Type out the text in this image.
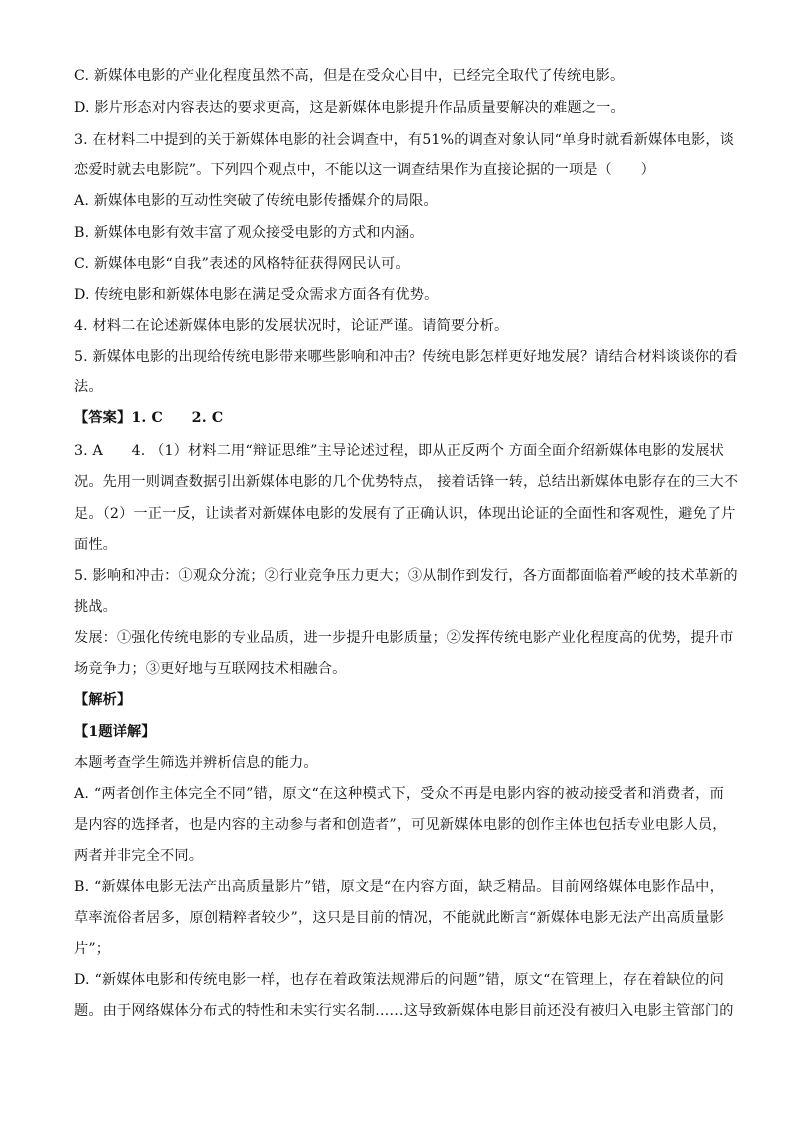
C. 新媒体电影的产业化程度虽然不高，但是在受众心目中，已经完全取代了传统电影。
D. 影片形态对内容表达的要求更高，这是新媒体电影提升作品质量要解决的难题之一。
3. 在材料二中提到的关于新媒体电影的社会调查中，有51%的调查对象认同“单身时就看新媒体电影，谈
恋爱时就去电影院”。下列四个观点中，不能以这一调查结果作为直接论据的一项是（　　）
A. 新媒体电影的互动性突破了传统电影传播媒介的局限。
B. 新媒体电影有效丰富了观众接受电影的方式和内涵。
C. 新媒体电影“自我”表述的风格特征获得网民认可。
D. 传统电影和新媒体电影在满足受众需求方面各有优势。
4. 材料二在论述新媒体电影的发展状况时，论证严谨。请简要分析。
5. 新媒体电影的出现给传统电影带来哪些影响和冲击？传统电影怎样更好地发展？请结合材料谈谈你的看
法。
【答案】1. C　　2. C
3. A　　4. （1）材料二用“辩证思维”主导论述过程，即从正反两个 方面全面介绍新媒体电影的发展状
况。先用一则调查数据引出新媒体电影的几个优势特点， 接着话锋一转，总结出新媒体电影存在的三大不
足。（2）一正一反，让读者对新媒体电影的发展有了正确认识，体现出论证的全面性和客观性，避免了片
面性。
5. 影响和冲击：①观众分流；②行业竞争压力更大；③从制作到发行，各方面都面临着严峻的技术革新的
挑战。
发展：①强化传统电影的专业品质，进一步提升电影质量；②发挥传统电影产业化程度高的优势，提升市
场竞争力；③更好地与互联网技术相融合。
【解析】
【1题详解】
本题考查学生筛选并辨析信息的能力。
A. “两者创作主体完全不同”错，原文“在这种模式下，受众不再是电影内容的被动接受者和消费者，而
是内容的选择者，也是内容的主动参与者和创造者”，可见新媒体电影的创作主体也包括专业电影人员，
两者并非完全不同。
B. “新媒体电影无法产出高质量影片”错，原文是“在内容方面，缺乏精品。目前网络媒体电影作品中，
草率流俗者居多，原创精粹者较少”，这只是目前的情况，不能就此断言“新媒体电影无法产出高质量影
片”；
D. “新媒体电影和传统电影一样，也存在着政策法规滞后的问题”错，原文“在管理上，存在着缺位的问
题。由于网络媒体分布式的特性和未实行实名制……这导致新媒体电影目前还没有被归入电影主管部门的
